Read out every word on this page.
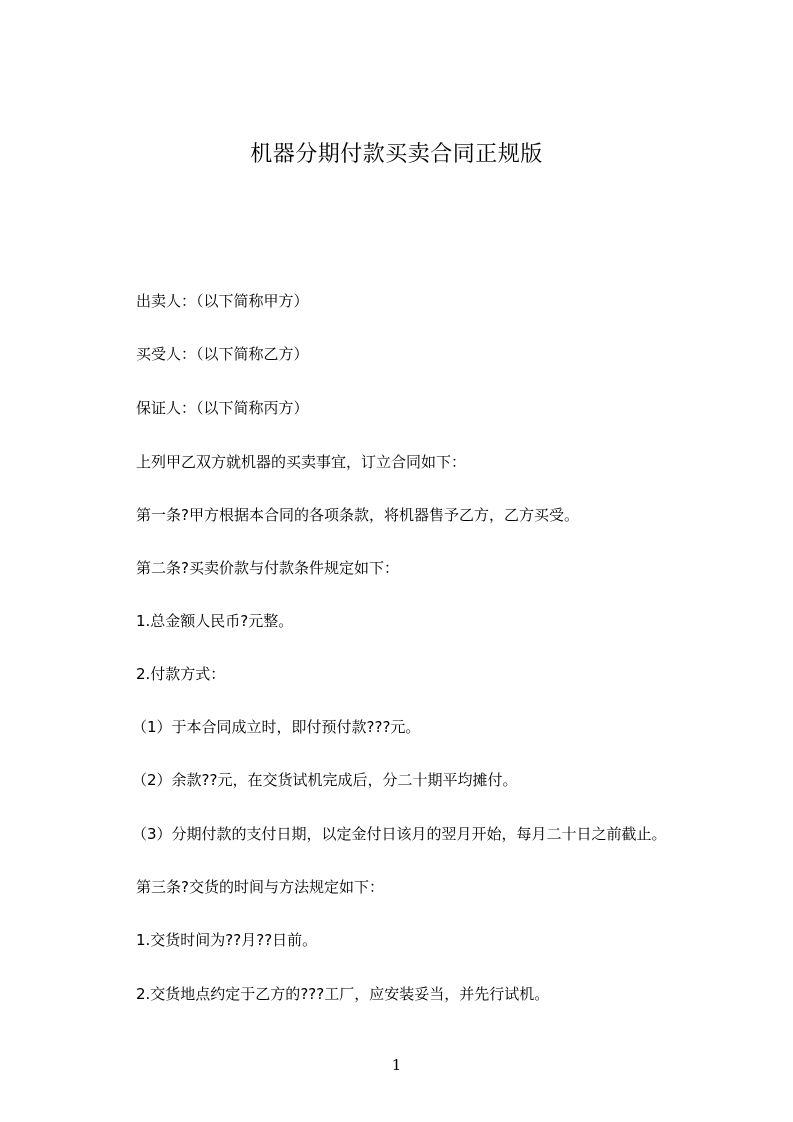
机器分期付款买卖合同正规版
出卖人：（以下简称甲方）
买受人：（以下简称乙方）
保证人：（以下简称丙方）
上列甲乙双方就机器的买卖事宜，订立合同如下：
第一条?甲方根据本合同的各项条款，将机器售予乙方，乙方买受。
第二条?买卖价款与付款条件规定如下：
1.总金额人民币?元整。
2.付款方式：
（1）于本合同成立时，即付预付款???元。
（2）余款??元，在交货试机完成后，分二十期平均摊付。
（3）分期付款的支付日期，以定金付日该月的翌月开始，每月二十日之前截止。
第三条?交货的时间与方法规定如下：
1.交货时间为??月??日前。
2.交货地点约定于乙方的???工厂，应安装妥当，并先行试机。
1
